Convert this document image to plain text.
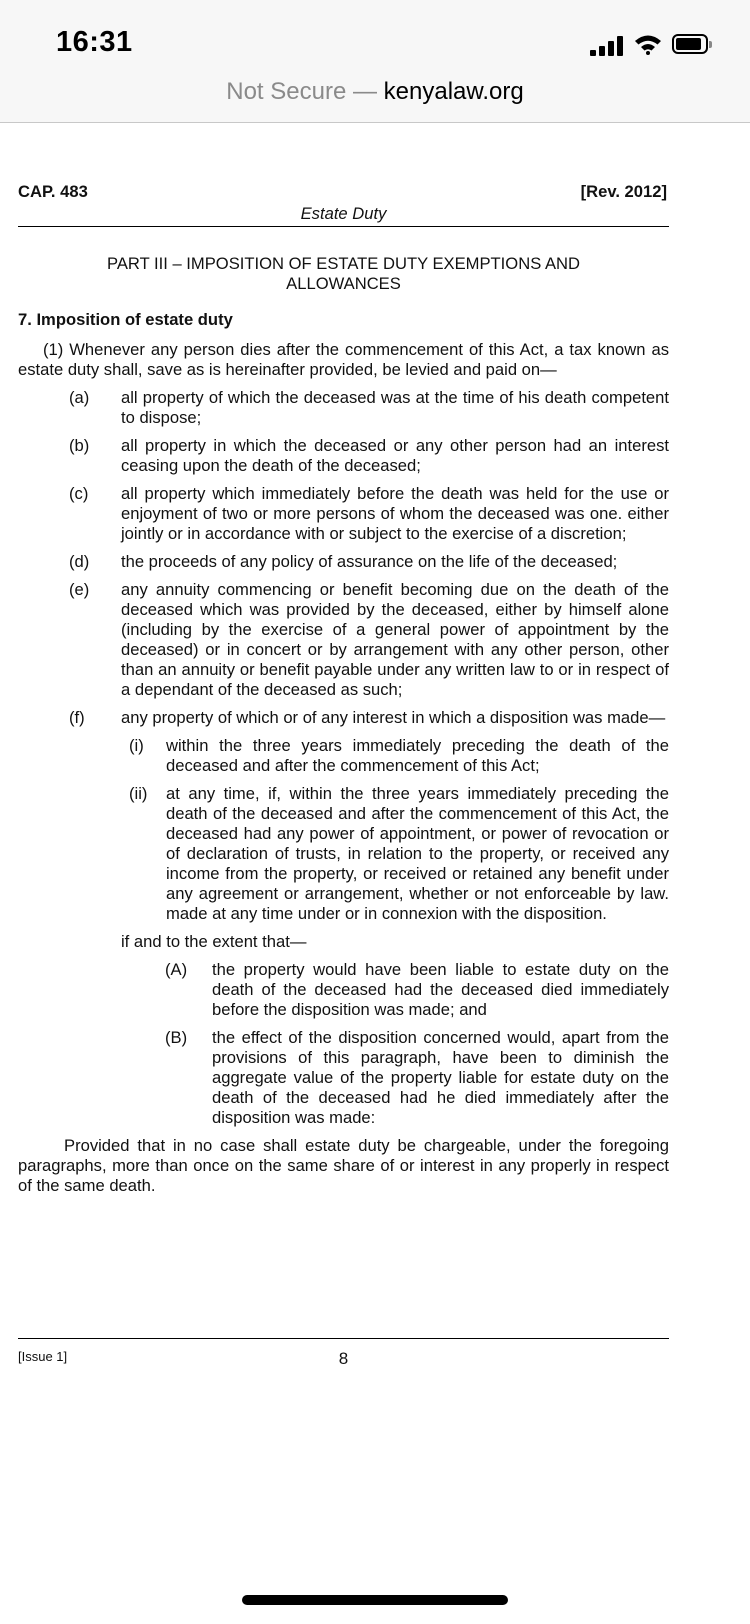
16:31
Not Secure — kenyalaw.org
CAP. 483	[Rev. 2012]
Estate Duty
PART III – IMPOSITION OF ESTATE DUTY EXEMPTIONS AND ALLOWANCES
7. Imposition of estate duty
(1) Whenever any person dies after the commencement of this Act, a tax known as estate duty shall, save as is hereinafter provided, be levied and paid on—
(a) all property of which the deceased was at the time of his death competent to dispose;
(b) all property in which the deceased or any other person had an interest ceasing upon the death of the deceased;
(c) all property which immediately before the death was held for the use or enjoyment of two or more persons of whom the deceased was one. either jointly or in accordance with or subject to the exercise of a discretion;
(d) the proceeds of any policy of assurance on the life of the deceased;
(e) any annuity commencing or benefit becoming due on the death of the deceased which was provided by the deceased, either by himself alone (including by the exercise of a general power of appointment by the deceased) or in concert or by arrangement with any other person, other than an annuity or benefit payable under any written law to or in respect of a dependant of the deceased as such;
(f) any property of which or of any interest in which a disposition was made—
(i) within the three years immediately preceding the death of the deceased and after the commencement of this Act;
(ii) at any time, if, within the three years immediately preceding the death of the deceased and after the commencement of this Act, the deceased had any power of appointment, or power of revocation or of declaration of trusts, in relation to the property, or received any income from the property, or received or retained any benefit under any agreement or arrangement, whether or not enforceable by law. made at any time under or in connexion with the disposition.
if and to the extent that—
(A) the property would have been liable to estate duty on the death of the deceased had the deceased died immediately before the disposition was made; and
(B) the effect of the disposition concerned would, apart from the provisions of this paragraph, have been to diminish the aggregate value of the property liable for estate duty on the death of the deceased had he died immediately after the disposition was made:
Provided that in no case shall estate duty be chargeable, under the foregoing paragraphs, more than once on the same share of or interest in any properly in respect of the same death.
[Issue 1]	8
